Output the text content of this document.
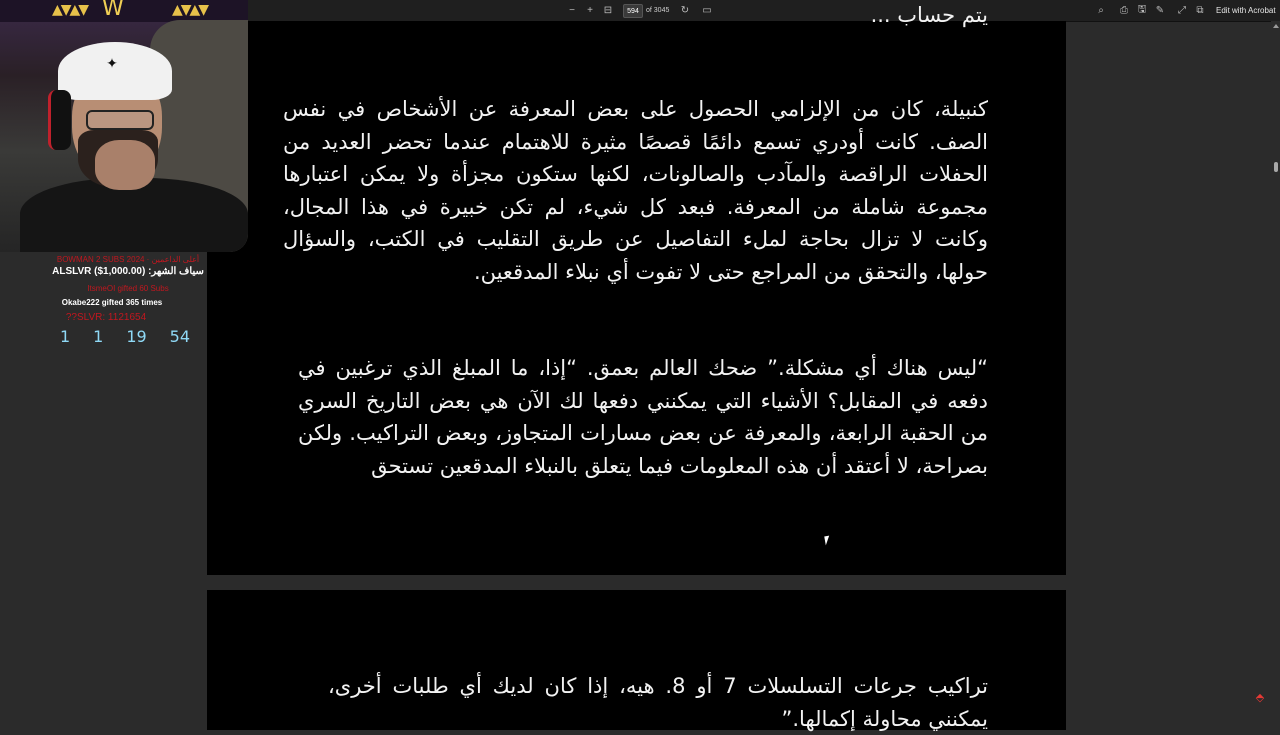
−	+	⊟	594	of 3045	↻	▭	⌕	⎙ 🖫 ✎	⤢	⧉	Edit with Acrobat
يتم حساب ...
كنبيلة، كان من الإلزامي الحصول على بعض المعرفة عن الأشخاص في نفس الصف. كانت أودري تسمع دائمًا قصصًا مثيرة للاهتمام عندما تحضر العديد من الحفلات الراقصة والمآدب والصالونات، لكنها ستكون مجزأة ولا يمكن اعتبارها مجموعة شاملة من المعرفة. فبعد كل شيء، لم تكن خبيرة في هذا المجال، وكانت لا تزال بحاجة لملء التفاصيل عن طريق التقليب في الكتب، والسؤال حولها، والتحقق من المراجع حتى لا تفوت أي نبلاء المدقعين.
“ليس هناك أي مشكلة.” ضحك العالم بعمق. “إذا، ما المبلغ الذي ترغبين في دفعه في المقابل؟ الأشياء التي يمكنني دفعها لك الآن هي بعض التاريخ السري من الحقبة الرابعة، والمعرفة عن بعض مسارات المتجاوز، وبعض التراكيب. ولكن بصراحة، لا أعتقد أن هذه المعلومات فيما يتعلق بالنبلاء المدقعين تستحق
تراكيب جرعات التسلسلات 7 أو 8. هيه، إذا كان لديك أي طلبات أخرى، يمكنني محاولة إكمالها.”
⬘
▲▼▲▼ W	▲▼▲▼
✦
BOWMAN 2 SUBS 2024 · أعلى الداعمين
ALSLVR ($1,000.00) :سياف الشهر
ItsmeOI gifted 60 Subs
Okabe222 gifted 365 times
??SLVR: 1121654
1 1 19 54
